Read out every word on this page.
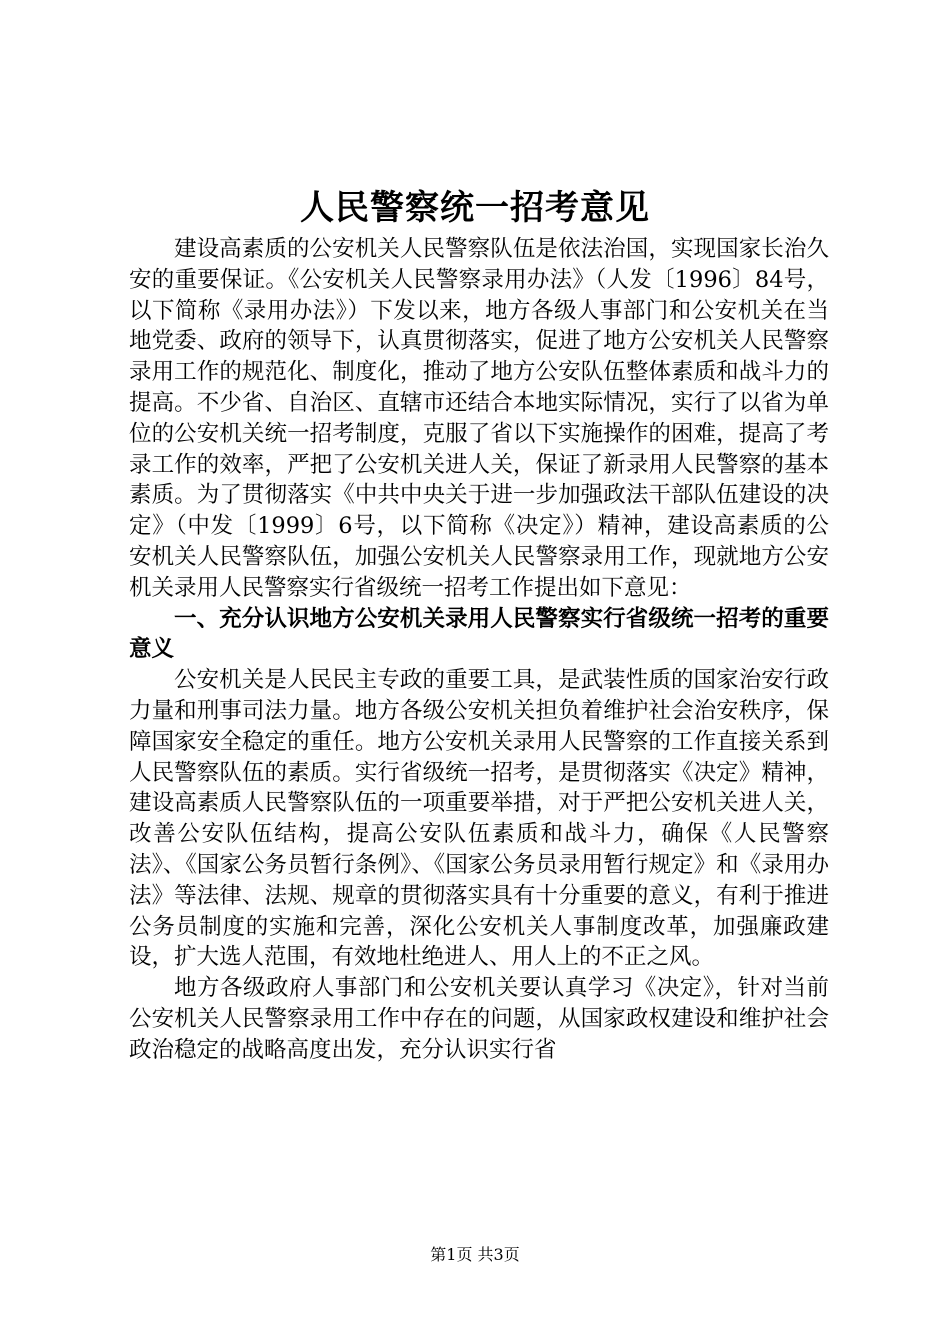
人民警察统一招考意见

建设高素质的公安机关人民警察队伍是依法治国，实现国家长治久安的重要保证。《公安机关人民警察录用办法》（人发〔1996〕84号，以下简称《录用办法》）下发以来，地方各级人事部门和公安机关在当地党委、政府的领导下，认真贯彻落实，促进了地方公安机关人民警察录用工作的规范化、制度化，推动了地方公安队伍整体素质和战斗力的提高。不少省、自治区、直辖市还结合本地实际情况，实行了以省为单位的公安机关统一招考制度，克服了省以下实施操作的困难，提高了考录工作的效率，严把了公安机关进人关，保证了新录用人民警察的基本素质。为了贯彻落实《中共中央关于进一步加强政法干部队伍建设的决定》（中发〔1999〕6号，以下简称《决定》）精神，建设高素质的公安机关人民警察队伍，加强公安机关人民警察录用工作，现就地方公安机关录用人民警察实行省级统一招考工作提出如下意见：

一、充分认识地方公安机关录用人民警察实行省级统一招考的重要意义

公安机关是人民民主专政的重要工具，是武装性质的国家治安行政力量和刑事司法力量。地方各级公安机关担负着维护社会治安秩序，保障国家安全稳定的重任。地方公安机关录用人民警察的工作直接关系到人民警察队伍的素质。实行省级统一招考，是贯彻落实《决定》精神，建设高素质人民警察队伍的一项重要举措，对于严把公安机关进人关，改善公安队伍结构，提高公安队伍素质和战斗力，确保《人民警察法》、《国家公务员暂行条例》、《国家公务员录用暂行规定》和《录用办法》等法律、法规、规章的贯彻落实具有十分重要的意义，有利于推进公务员制度的实施和完善，深化公安机关人事制度改革，加强廉政建设，扩大选人范围，有效地杜绝进人、用人上的不正之风。

地方各级政府人事部门和公安机关要认真学习《决定》，针对当前公安机关人民警察录用工作中存在的问题，从国家政权建设和维护社会政治稳定的战略高度出发，充分认识实行省

第1页 共3页
